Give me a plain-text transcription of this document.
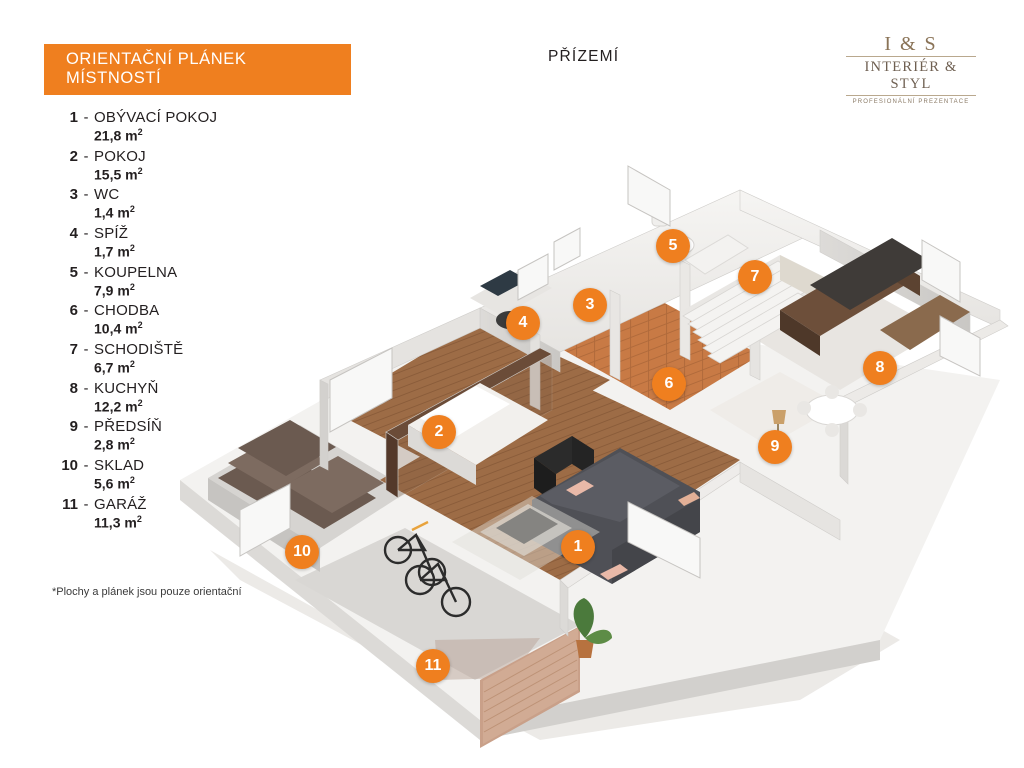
ORIENTAČNÍ PLÁNEK MÍSTNOSTÍ
1 - OBÝVACÍ POKOJ
21,8 $m^2$
2 - POKOJ
15,5 $m^2$
3 - WC
1,4 $m^2$
4 - SPÍŽ
1,7 $m^2$
5 - KOUPELNA
7,9 $m^2$
6 - CHODBA
10,4 $m^2$
7 - SCHODIŠTĚ
6,7 $m^2$
8 - KUCHYŇ
12,2 $m^2$
9 - PŘEDSÍŇ
2,8 $m^2$
10 - SKLAD
5,6 $m^2$
11 - GARÁŽ
11,3 $m^2$
*Plochy a plánek jsou pouze orientační
PŘÍZEMÍ
I & S
INTERIÉR & STYL
PROFESIONÁLNÍ PREZENTACE
1
2
3
4
5
6
7
8
9
10
11
